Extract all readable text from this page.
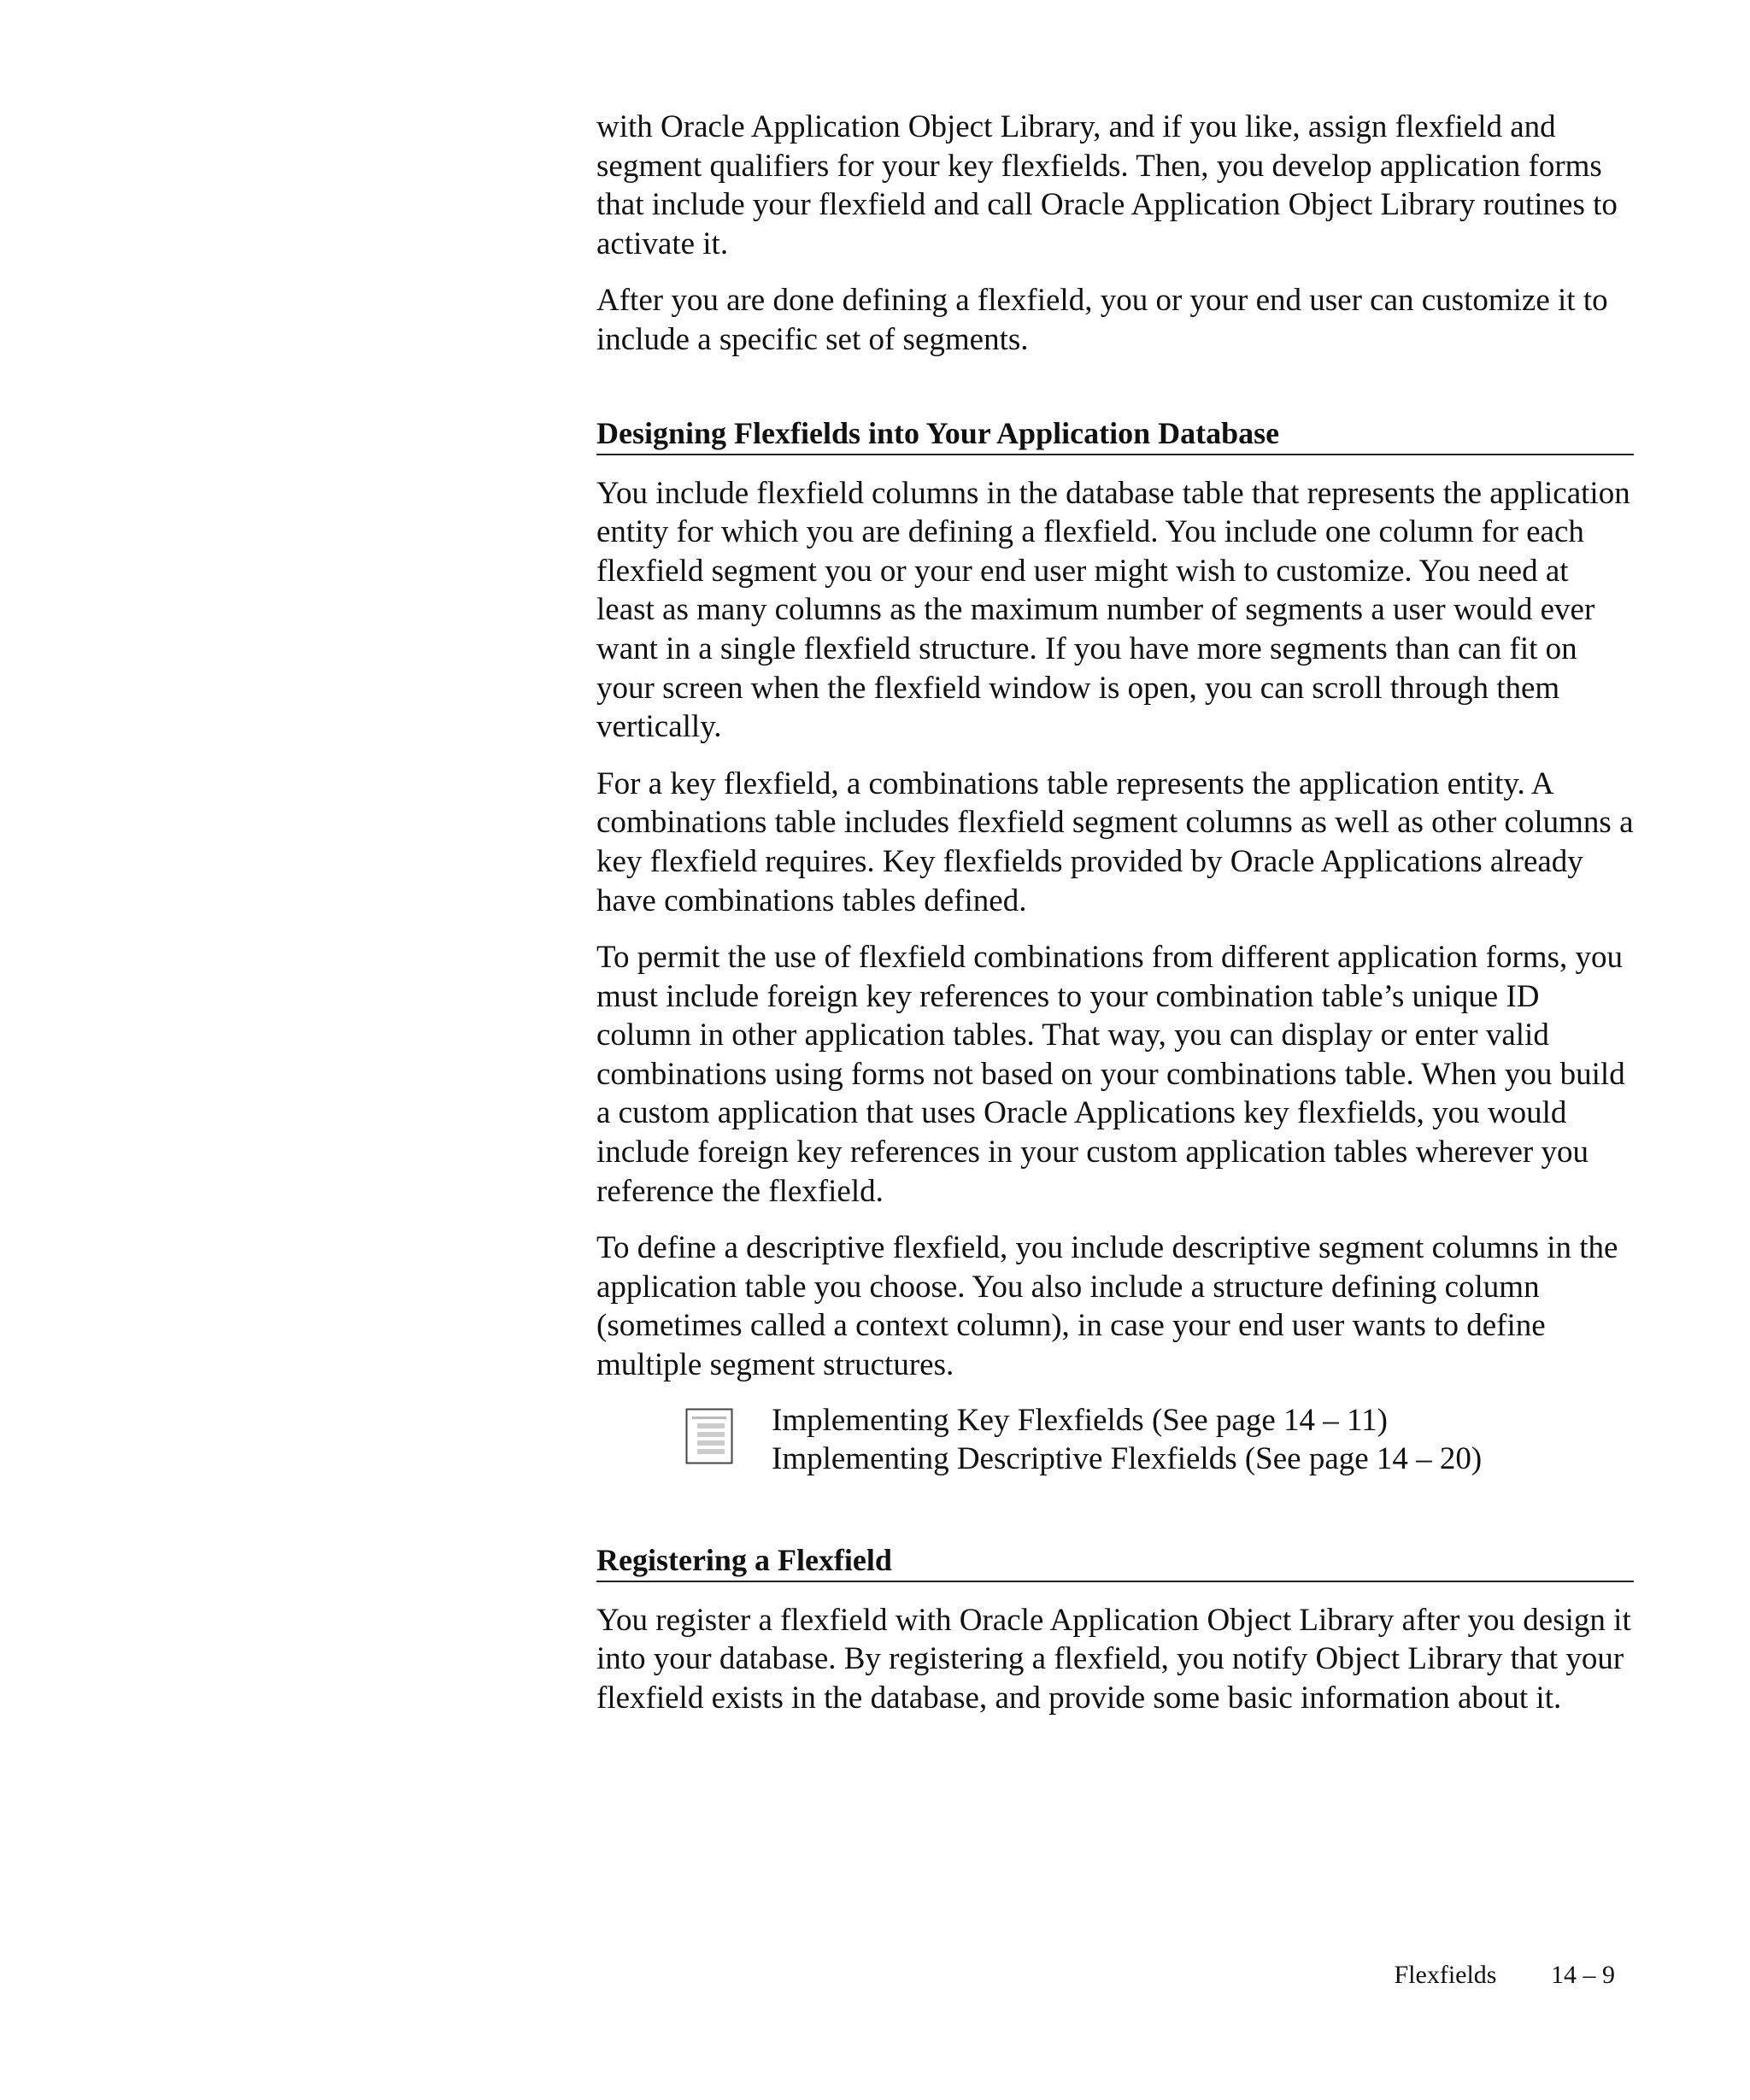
with Oracle Application Object Library, and if you like, assign flexfield and segment qualifiers for your key flexfields. Then, you develop application forms that include your flexfield and call Oracle Application Object Library routines to activate it.

After you are done defining a flexfield, you or your end user can customize it to include a specific set of segments.

Designing Flexfields into Your Application Database

You include flexfield columns in the database table that represents the application entity for which you are defining a flexfield. You include one column for each flexfield segment you or your end user might wish to customize. You need at least as many columns as the maximum number of segments a user would ever want in a single flexfield structure. If you have more segments than can fit on your screen when the flexfield window is open, you can scroll through them vertically.

For a key flexfield, a combinations table represents the application entity. A combinations table includes flexfield segment columns as well as other columns a key flexfield requires. Key flexfields provided by Oracle Applications already have combinations tables defined.

To permit the use of flexfield combinations from different application forms, you must include foreign key references to your combination table’s unique ID column in other application tables. That way, you can display or enter valid combinations using forms not based on your combinations table. When you build a custom application that uses Oracle Applications key flexfields, you would include foreign key references in your custom application tables wherever you reference the flexfield.

To define a descriptive flexfield, you include descriptive segment columns in the application table you choose. You also include a structure defining column (sometimes called a context column), in case your end user wants to define multiple segment structures.

Implementing Key Flexfields (See page 14 – 11)
Implementing Descriptive Flexfields (See page 14 – 20)
Registering a Flexfield

You register a flexfield with Oracle Application Object Library after you design it into your database. By registering a flexfield, you notify Object Library that your flexfield exists in the database, and provide some basic information about it.

Flexfields 14 – 9
